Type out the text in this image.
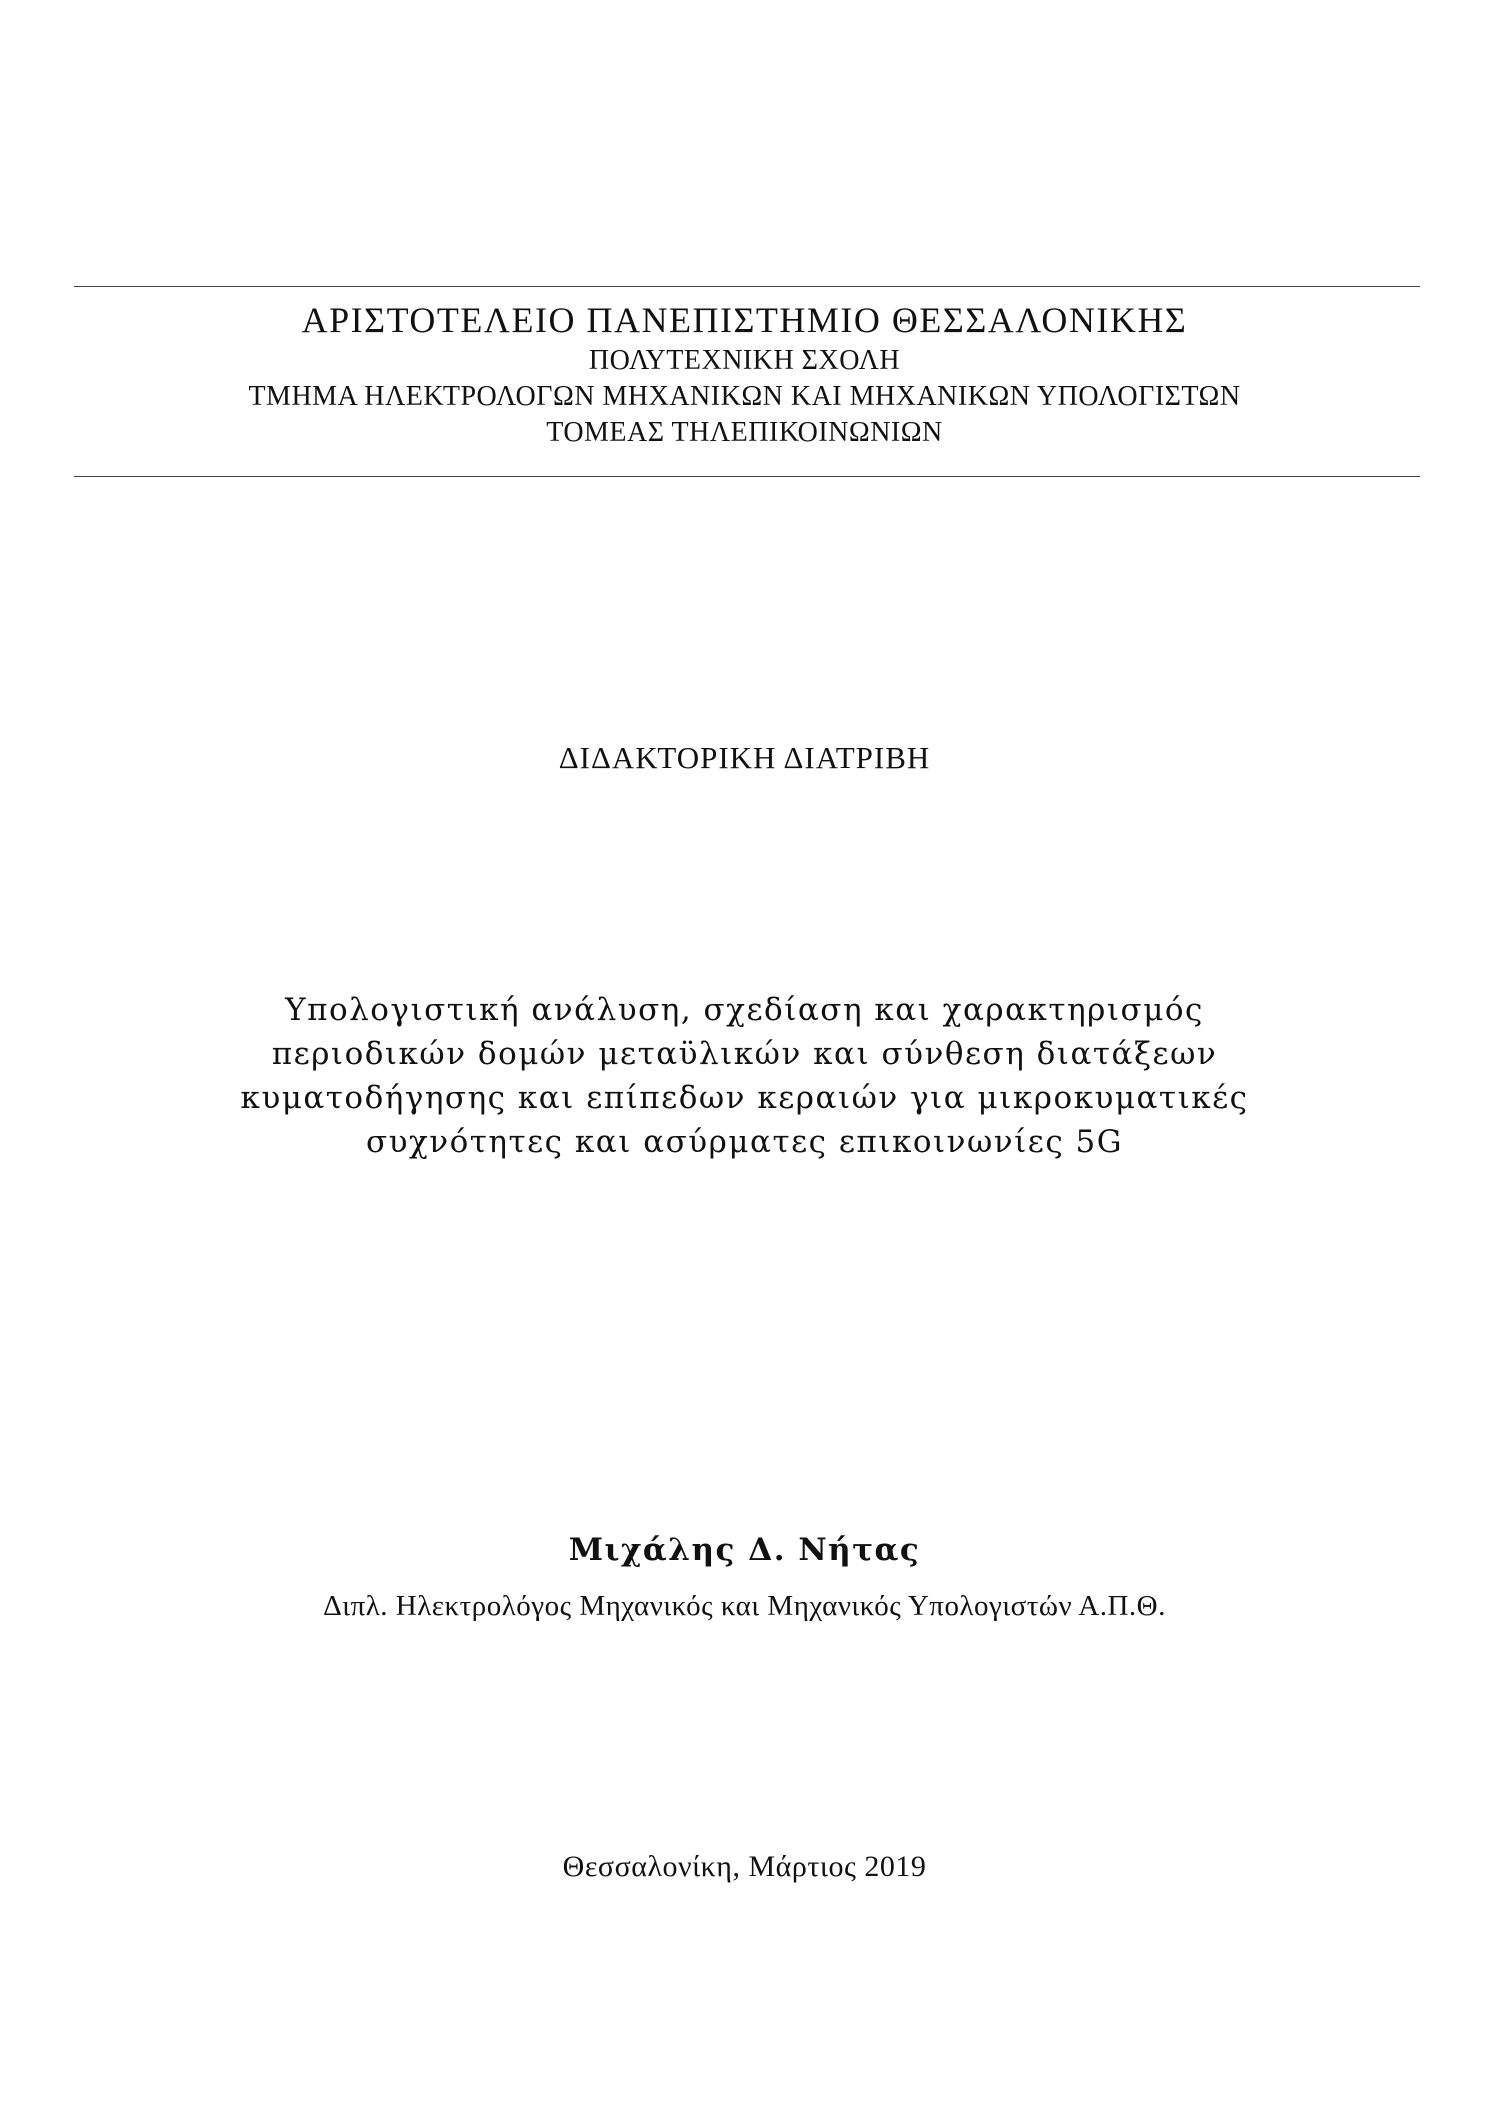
ΑΡΙΣΤΟΤΕΛΕΙΟ ΠΑΝΕΠΙΣΤΗΜΙΟ ΘΕΣΣΑΛΟΝΙΚΗΣ
ΠΟΛΥΤΕΧΝΙΚΗ ΣΧΟΛΗ
ΤΜΗΜΑ ΗΛΕΚΤΡΟΛΟΓΩΝ ΜΗΧΑΝΙΚΩΝ ΚΑΙ ΜΗΧΑΝΙΚΩΝ ΥΠΟΛΟΓΙΣΤΩΝ
ΤΟΜΕΑΣ ΤΗΛΕΠΙΚΟΙΝΩΝΙΩΝ
ΔΙΔΑΚΤΟΡΙΚΗ ΔΙΑΤΡΙΒΗ
Υπολογιστική ανάλυση, σχεδίαση και χαρακτηρισμός
περιοδικών δομών μεταϋλικών και σύνθεση διατάξεων
κυματοδήγησης και επίπεδων κεραιών για μικροκυματικές
συχνότητες και ασύρματες επικοινωνίες 5G
Μιχάλης Δ. Νήτας
Διπλ. Ηλεκτρολόγος Μηχανικός και Μηχανικός Υπολογιστών Α.Π.Θ.
Θεσσαλονίκη, Μάρτιος 2019
